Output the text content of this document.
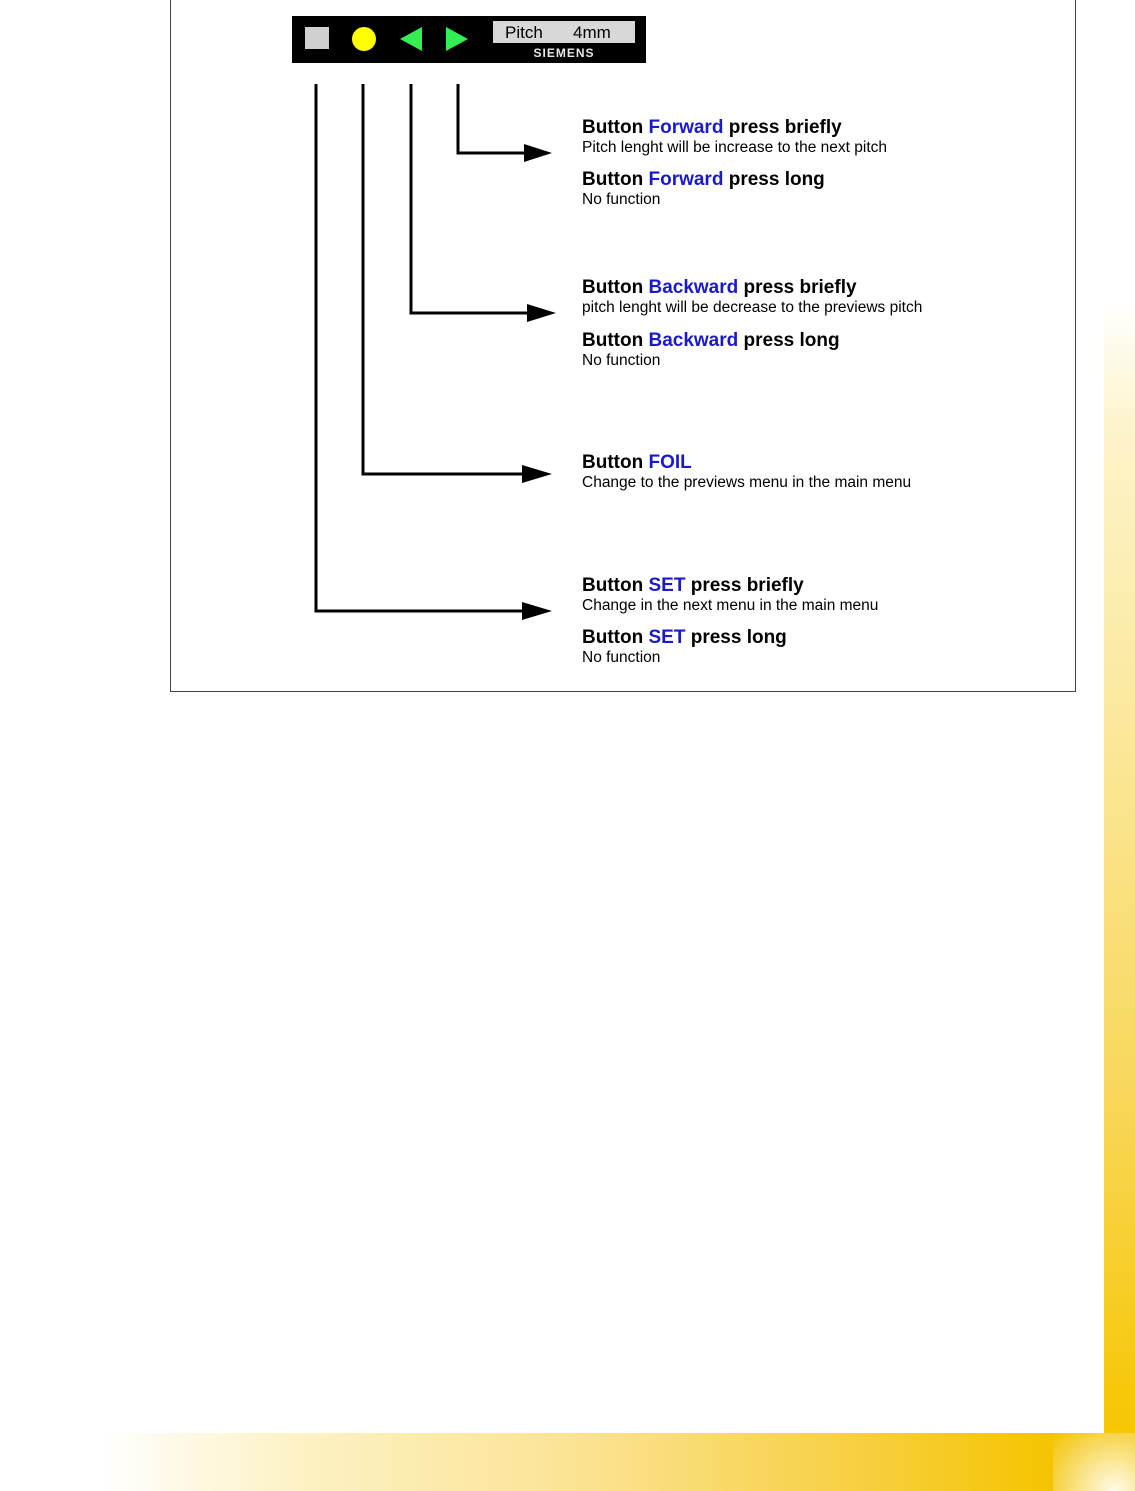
Pitch 4mm
SIEMENS
Button Forward press briefly
Pitch lenght will be increase to the next pitch
Button Forward press long
No function
Button Backward press briefly
pitch lenght will be decrease to the previews pitch
Button Backward press long
No function
Button FOIL
Change to the previews menu in the main menu
Button SET press briefly
Change in the next menu in the main menu
Button SET press long
No function
